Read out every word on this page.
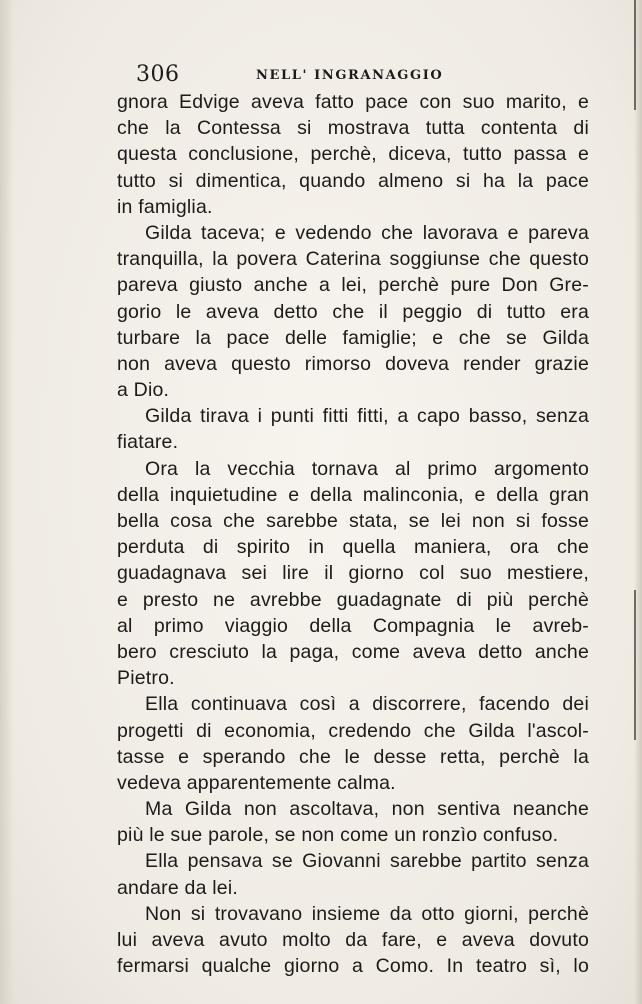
306	NELL' INGRANAGGIO
gnora Edvige aveva fatto pace con suo marito, e
che la Contessa si mostrava tutta contenta di
questa conclusione, perchè, diceva, tutto passa e
tutto si dimentica, quando almeno si ha la pace
in famiglia.
Gilda taceva; e vedendo che lavorava e pareva
tranquilla, la povera Caterina soggiunse che questo
pareva giusto anche a lei, perchè pure Don Gre-
gorio le aveva detto che il peggio di tutto era
turbare la pace delle famiglie; e che se Gilda
non aveva questo rimorso doveva render grazie
a Dio.
Gilda tirava i punti fitti fitti, a capo basso, senza
fiatare.
Ora la vecchia tornava al primo argomento
della inquietudine e della malinconia, e della gran
bella cosa che sarebbe stata, se lei non si fosse
perduta di spirito in quella maniera, ora che
guadagnava sei lire il giorno col suo mestiere,
e presto ne avrebbe guadagnate di più perchè
al primo viaggio della Compagnia le avreb-
bero cresciuto la paga, come aveva detto anche
Pietro.
Ella continuava così a discorrere, facendo dei
progetti di economia, credendo che Gilda l'ascol-
tasse e sperando che le desse retta, perchè la
vedeva apparentemente calma.
Ma Gilda non ascoltava, non sentiva neanche
più le sue parole, se non come un ronzìo confuso.
Ella pensava se Giovanni sarebbe partito senza
andare da lei.
Non si trovavano insieme da otto giorni, perchè
lui aveva avuto molto da fare, e aveva dovuto
fermarsi qualche giorno a Como. In teatro sì, lo
